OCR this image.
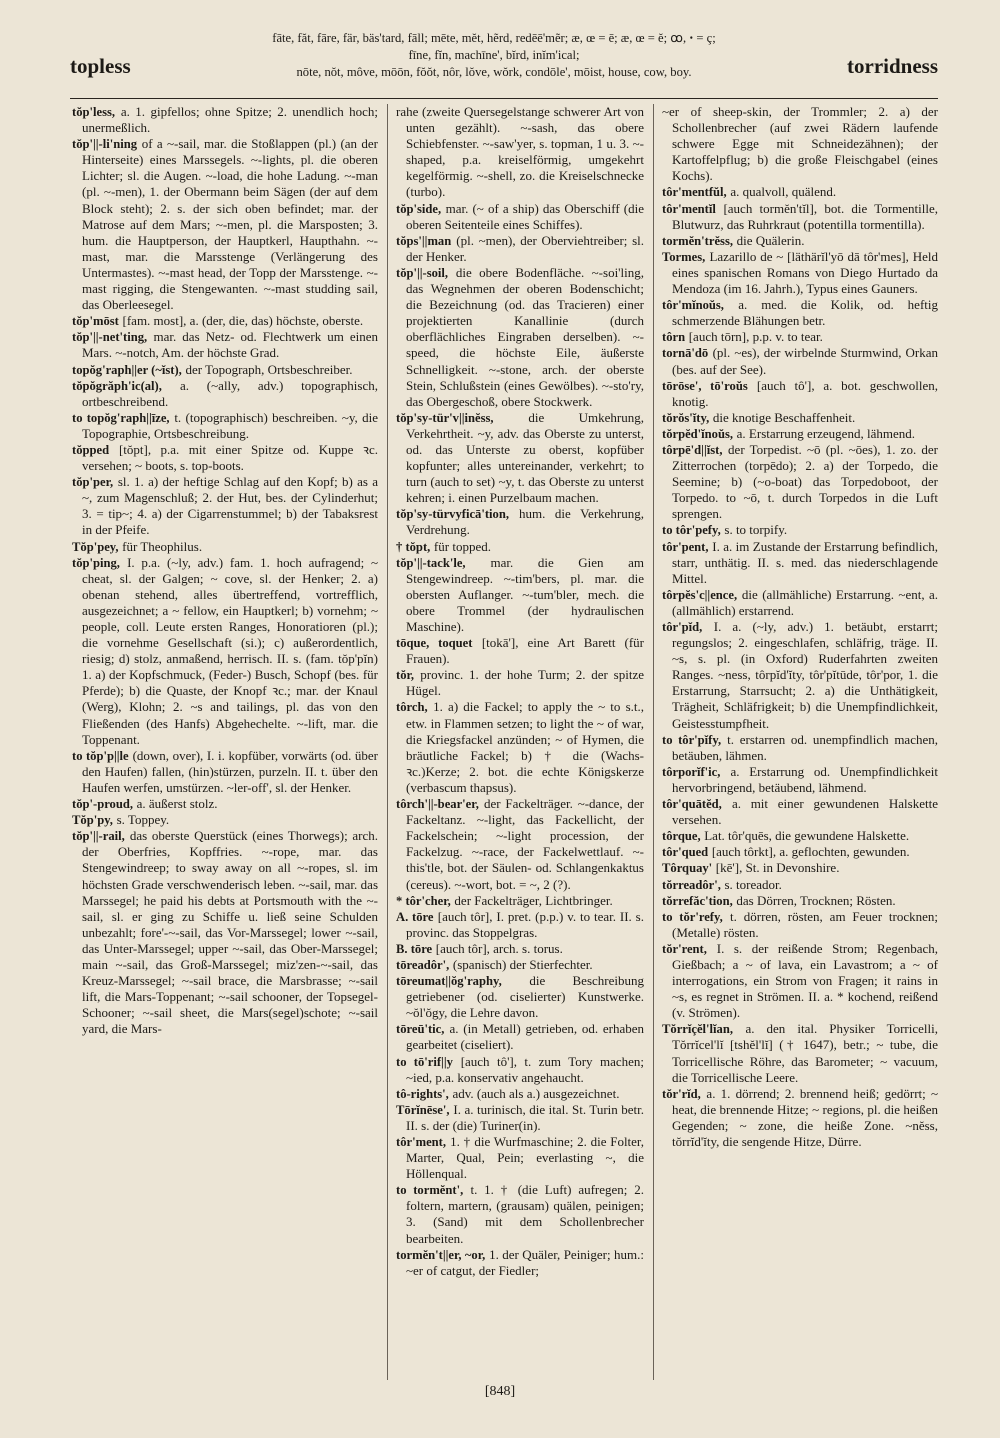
topless
fāte, făt, fāre, fär, bäs'tard, fāll; mēte, mĕt, hẽrd, redēē'mẽr; æ, œ = ē; æ, œ = ĕ; ꝏ, ꞏ = ç;
fīne, fĭn, machīne', bĭrd, inĭm'ical;
nōte, nŏt, môve, mōōn, fŏŏt, nôr, lŏve, wŏrk, condōle', mōist, house, cow, boy.	torridness

tŏp'less, a. 1. gipfellos; ohne Spitze; 2. unendlich hoch; unermeßlich.

tŏp'||-li'ning of a ~-sail, mar. die Stoßlappen (pl.) (an der Hinterseite) eines Marssegels. ~-lights, pl. die oberen Lichter; sl. die Augen. ~-load, die hohe Ladung. ~-man (pl. ~-men), 1. der Obermann beim Sägen (der auf dem Block steht); 2. s. der sich oben befindet; mar. der Matrose auf dem Mars; ~-men, pl. die Marsposten; 3. hum. die Hauptperson, der Hauptkerl, Haupthahn. ~-mast, mar. die Marsstenge (Verlängerung des Untermastes). ~-mast head, der Topp der Marsstenge. ~-mast rigging, die Stengewanten. ~-mast studding sail, das Oberleesegel.

tŏp'mōst [fam. most], a. (der, die, das) höchste, oberste.

tŏp'||-net'ting, mar. das Netz- od. Flechtwerk um einen Mars. ~-notch, Am. der höchste Grad.

topŏg'raph||er (~ĭst), der Topograph, Ortsbeschreiber.

tŏpŏgrăph'ic(al), a. (~ally, adv.) topographisch, ortbeschreibend.

to topŏg'raph||īze, t. (topographisch) beschreiben. ~y, die Topographie, Ortsbeschreibung.

tŏpped [tŏpt], p.a. mit einer Spitze od. Kuppe ꝛc. versehen; ~ boots, s. top-boots.

tŏp'per, sl. 1. a) der heftige Schlag auf den Kopf; b) as a ~, zum Magenschluß; 2. der Hut, bes. der Cylinderhut; 3. = tip~; 4. a) der Cigarrenstummel; b) der Tabaksrest in der Pfeife.

Tŏp'pey, für Theophilus.

tŏp'ping, I. p.a. (~ly, adv.) fam. 1. hoch aufragend; ~ cheat, sl. der Galgen; ~ cove, sl. der Henker; 2. a) obenan stehend, alles übertreffend, vortrefflich, ausgezeichnet; a ~ fellow, ein Hauptkerl; b) vornehm; ~ people, coll. Leute ersten Ranges, Honoratioren (pl.); die vornehme Gesellschaft (si.); c) außerordentlich, riesig; d) stolz, anmaßend, herrisch. II. s. (fam. tŏp'pĭn) 1. a) der Kopfschmuck, (Feder-) Busch, Schopf (bes. für Pferde); b) die Quaste, der Knopf ꝛc.; mar. der Knaul (Werg), Klohn; 2. ~s and tailings, pl. das von den Fließenden (des Hanfs) Abgehechelte. ~-lift, mar. die Toppenant.

to tŏp'p||le (down, over), I. i. kopfüber, vorwärts (od. über den Haufen) fallen, (hin)stürzen, purzeln. II. t. über den Haufen werfen, umstürzen. ~ler-off', sl. der Henker.

tŏp'-proud, a. äußerst stolz.

Tŏp'py, s. Toppey.

tŏp'||-rail, das oberste Querstück (eines Thorwegs); arch. der Oberfries, Kopffries. ~-rope, mar. das Stengewindreep; to sway away on all ~-ropes, sl. im höchsten Grade verschwenderisch leben. ~-sail, mar. das Marssegel; he paid his debts at Portsmouth with the ~-sail, sl. er ging zu Schiffe u. ließ seine Schulden unbezahlt; fore'-~-sail, das Vor-Marssegel; lower ~-sail, das Unter-Marssegel; upper ~-sail, das Ober-Marssegel; main ~-sail, das Groß-Marssegel; miz'zen-~-sail, das Kreuz-Marssegel; ~-sail brace, die Marsbrasse; ~-sail lift, die Mars-Toppenant; ~-sail schooner, der Topsegel-Schooner; ~-sail sheet, die Mars(segel)schote; ~-sail yard, die Mars-

rahe (zweite Quersegelstange schwerer Art von unten gezählt). ~-sash, das obere Schiebfenster. ~-saw'yer, s. topman, 1 u. 3. ~-shaped, p.a. kreiselförmig, umgekehrt kegelförmig. ~-shell, zo. die Kreiselschnecke (turbo).

tŏp'side, mar. (~ of a ship) das Oberschiff (die oberen Seitenteile eines Schiffes).

tŏps'||man (pl. ~men), der Oberviehtreiber; sl. der Henker.

tŏp'||-soil, die obere Bodenfläche. ~-soi'ling, das Wegnehmen der oberen Bodenschicht; die Bezeichnung (od. das Tracieren) einer projektierten Kanallinie (durch oberflächliches Eingraben derselben). ~-speed, die höchste Eile, äußerste Schnelligkeit. ~-stone, arch. der oberste Stein, Schlußstein (eines Gewölbes). ~-sto'ry, das Obergeschoß, obere Stockwerk.

tŏp'sy-tür'v||inĕss,	die Umkehrung, Verkehrtheit. ~y, adv. das Oberste zu unterst, od. das Unterste zu oberst, kopfüber kopfunter; alles untereinander, verkehrt; to turn (auch to set) ~y, t. das Oberste zu unterst kehren; i. einen Purzelbaum machen.

tŏp'sy-türvyficā'tion, hum. die Verkehrung, Verdrehung.

† tŏpt, für topped.

tŏp'||-tack'le, mar. die Gien am Stengewindreep. ~-tim'bers, pl. mar. die obersten Auflanger. ~-tum'bler, mech. die obere Trommel (der hydraulischen Maschine).

tōque, toquet [tokā'], eine Art Barett (für Frauen).

tŏr, provinc. 1. der hohe Turm; 2. der spitze Hügel.

tôrch, 1. a) die Fackel; to apply the ~ to s.t., etw. in Flammen setzen; to light the ~ of war, die Kriegsfackel anzünden; ~ of Hymen, die bräutliche Fackel; b) † die (Wachs- ꝛc.)Kerze; 2. bot. die echte Königskerze (verbascum thapsus).

tôrch'||-bear'er, der Fackelträger. ~-dance, der Fackeltanz. ~-light, das Fackellicht, der Fackelschein; ~-light procession, der Fackelzug. ~-race, der Fackelwettlauf. ~-this'tle, bot. der Säulen- od. Schlangenkaktus (cereus). ~-wort, bot. = ~, 2 (?).

* tôr'cher, der Fackelträger, Lichtbringer.

A. tōre [auch tôr], I. pret. (p.p.) v. to tear. II. s. provinc. das Stoppelgras.

B. tōre [auch tôr], arch. s. torus.

tōreadôr', (spanisch) der Stierfechter.

tōreumat||ŏg'raphy, die Beschreibung getriebener (od. ciselierter) Kunstwerke. ~ŏl'ŏgy, die Lehre davon.

tōreū'tic, a. (in Metall) getrieben, od. erhaben gearbeitet (ciseliert).

to tō'rif||y [auch tô'], t. zum Tory machen; ~ied, p.a. konservativ angehaucht.

tô-rights', adv. (auch als a.) ausgezeichnet.

Tōrĭnēse', I. a. turinisch, die ital. St. Turin betr. II. s. der (die) Turiner(in).

tôr'ment, 1. † die Wurfmaschine; 2. die Folter, Marter, Qual, Pein; everlasting ~, die Höllenqual.

to tormĕnt', t. 1. † (die Luft) aufregen; 2. foltern, martern, (grausam) quälen, peinigen; 3. (Sand) mit dem Schollenbrecher bearbeiten.

tormĕn't||er, ~or, 1. der Quäler, Peiniger; hum.: ~er of catgut, der Fiedler;

~er of sheep-skin, der Trommler; 2. a) der Schollenbrecher (auf zwei Rädern laufende schwere Egge mit Schneidezähnen); der Kartoffelpflug; b) die große Fleischgabel (eines Kochs).

tôr'mentfŭl, a. qualvoll, quälend.

tôr'mentĭl [auch tormĕn'tĭl], bot. die Tormentille, Blutwurz, das Ruhrkraut (potentilla tormentilla).

tormĕn'trĕss, die Quälerin.

Tormes, Lazarillo de ~ [läthärĭl'yō dā tôr'mes], Held eines spanischen Romans von Diego Hurtado da Mendoza (im 16. Jahrh.), Typus eines Gauners.

tôr'mĭnoŭs, a. med. die Kolik, od. heftig schmerzende Blähungen betr.

tôrn [auch tōrn], p.p. v. to tear.

tornā'dō (pl. ~es), der wirbelnde Sturmwind, Orkan (bes. auf der See).

tōrōse', tō'roŭs [auch tô'], a. bot. geschwollen, knotig.

tŏrŏs'ĭty, die knotige Beschaffenheit.

tŏrpĕd'ĭnoŭs, a. Erstarrung erzeugend, lähmend.

tôrpē'd||ĭst, der Torpedist. ~ō (pl. ~ōes), 1. zo. der Zitterrochen (torpēdo); 2. a) der Torpedo, die Seemine; b) (~o-boat) das Torpedoboot, der Torpedo. to ~ō, t. durch Torpedos in die Luft sprengen.

to tôr'pefy, s. to torpify.

tôr'pent, I. a. im Zustande der Erstarrung befindlich, starr, unthätig. II. s. med. das niederschlagende Mittel.

tôrpĕs'c||ence, die (allmähliche) Erstarrung. ~ent, a. (allmählich) erstarrend.

tôr'pĭd, I. a. (~ly, adv.) 1. betäubt, erstarrt; regungslos; 2. eingeschlafen, schläfrig, träge. II. ~s, s. pl. (in Oxford) Ruderfahrten zweiten Ranges. ~ness, tôrpĭd'ĭty, tôr'pĭtūde, tôr'por, 1. die Erstarrung, Starrsucht; 2. a) die Unthätigkeit, Trägheit, Schläfrigkeit; b) die Unempfindlichkeit, Geistesstumpfheit.

to tôr'pĭfy, t. erstarren od. unempfindlich machen, betäuben, lähmen.

tôrporĭf'ic, a. Erstarrung od. Unempfindlichkeit hervorbringend, betäubend, lähmend.

tôr'quātĕd, a. mit einer gewundenen Halskette versehen.

tôrque, Lat. tôr'quēs, die gewundene Halskette.

tôr'qued [auch tôrkt], a. geflochten, gewunden.

Tôrquay' [kē'], St. in Devonshire.

tŏrreadôr', s. toreador.

tŏrrefăc'tion, das Dörren, Trocknen; Rösten.

to tŏr'refy, t. dörren, rösten, am Feuer trocknen; (Metalle) rösten.

tŏr'rent, I. s. der reißende Strom; Regenbach, Gießbach; a ~ of lava, ein Lavastrom; a ~ of interrogations, ein Strom von Fragen; it rains in ~s, es regnet in Strömen. II. a. * kochend, reißend (v. Strömen).

Tŏrrĭçĕl'lĭan, a. den ital. Physiker Torricelli, Tŏrrĭcel'lĭ [tshĕl'lĭ] († 1647), betr.; ~ tube, die Torricellische Röhre, das Barometer; ~ vacuum, die Torricellische Leere.

tŏr'rĭd, a. 1. dörrend; 2. brennend heiß; gedörrt; ~ heat, die brennende Hitze; ~ regions, pl. die heißen Gegenden; ~ zone, die heiße Zone. ~nĕss, tŏrrĭd'ĭty, die sengende Hitze, Dürre.

[848]
